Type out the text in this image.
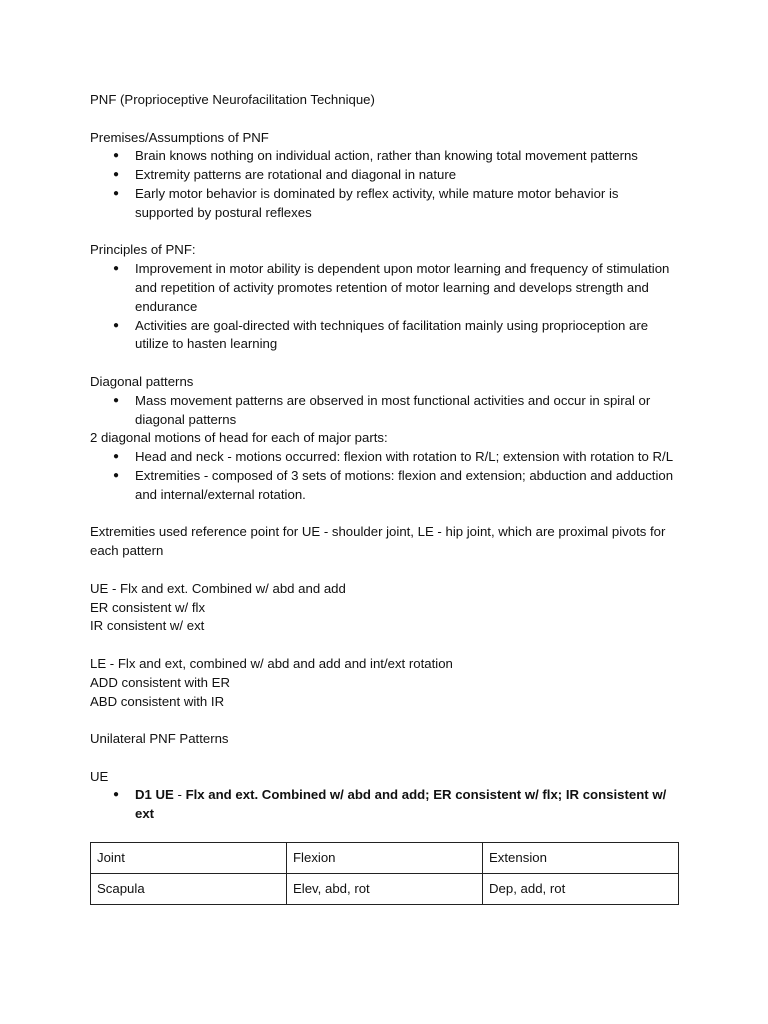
PNF (Proprioceptive Neurofacilitation Technique)

Premises/Assumptions of PNF

● Brain knows nothing on individual action, rather than knowing total movement patterns
● Extremity patterns are rotational and diagonal in nature
● Early motor behavior is dominated by reflex activity, while mature motor behavior is supported by postural reflexes

Principles of PNF:

● Improvement in motor ability is dependent upon motor learning and frequency of stimulation and repetition of activity promotes retention of motor learning and develops strength and endurance
● Activities are goal-directed with techniques of facilitation mainly using proprioception are utilize to hasten learning

Diagonal patterns

● Mass movement patterns are observed in most functional activities and occur in spiral or diagonal patterns

2 diagonal motions of head for each of major parts:

● Head and neck - motions occurred: flexion with rotation to R/L; extension with rotation to R/L
● Extremities - composed of 3 sets of motions: flexion and extension; abduction and adduction and internal/external rotation.

Extremities used reference point for UE - shoulder joint, LE - hip joint, which are proximal pivots for each pattern

UE - Flx and ext. Combined w/ abd and add

ER consistent w/ flx

IR consistent w/ ext

LE - Flx and ext, combined w/ abd and add and int/ext rotation

ADD consistent with ER

ABD consistent with IR

Unilateral PNF Patterns

UE

● D1 UE - Flx and ext. Combined w/ abd and add; ER consistent w/ flx; IR consistent w/ ext
Joint	Flexion	Extension
Scapula	Elev, abd, rot	Dep, add, rot
